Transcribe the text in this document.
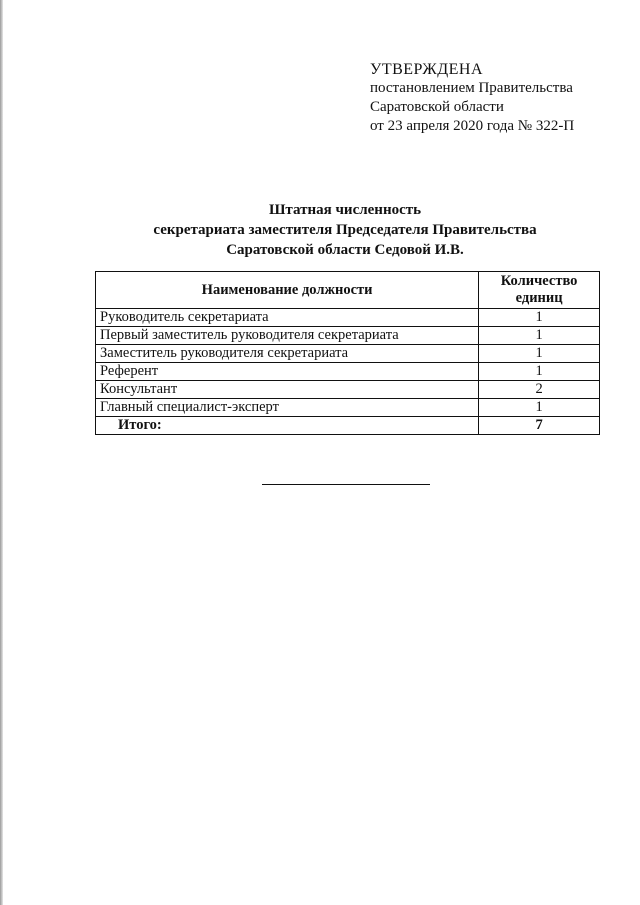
УТВЕРЖДЕНА
постановлением Правительства
Саратовской области
от 23 апреля 2020 года № 322-П
Штатная численность
секретариата заместителя Председателя Правительства
Саратовской области Седовой И.В.
Наименование должности	Количество
единиц

Руководитель секретариата	1
Первый заместитель руководителя секретариата	1
Заместитель руководителя секретариата	1
Референт	1
Консультант	2
Главный специалист-эксперт	1
Итого:	7
